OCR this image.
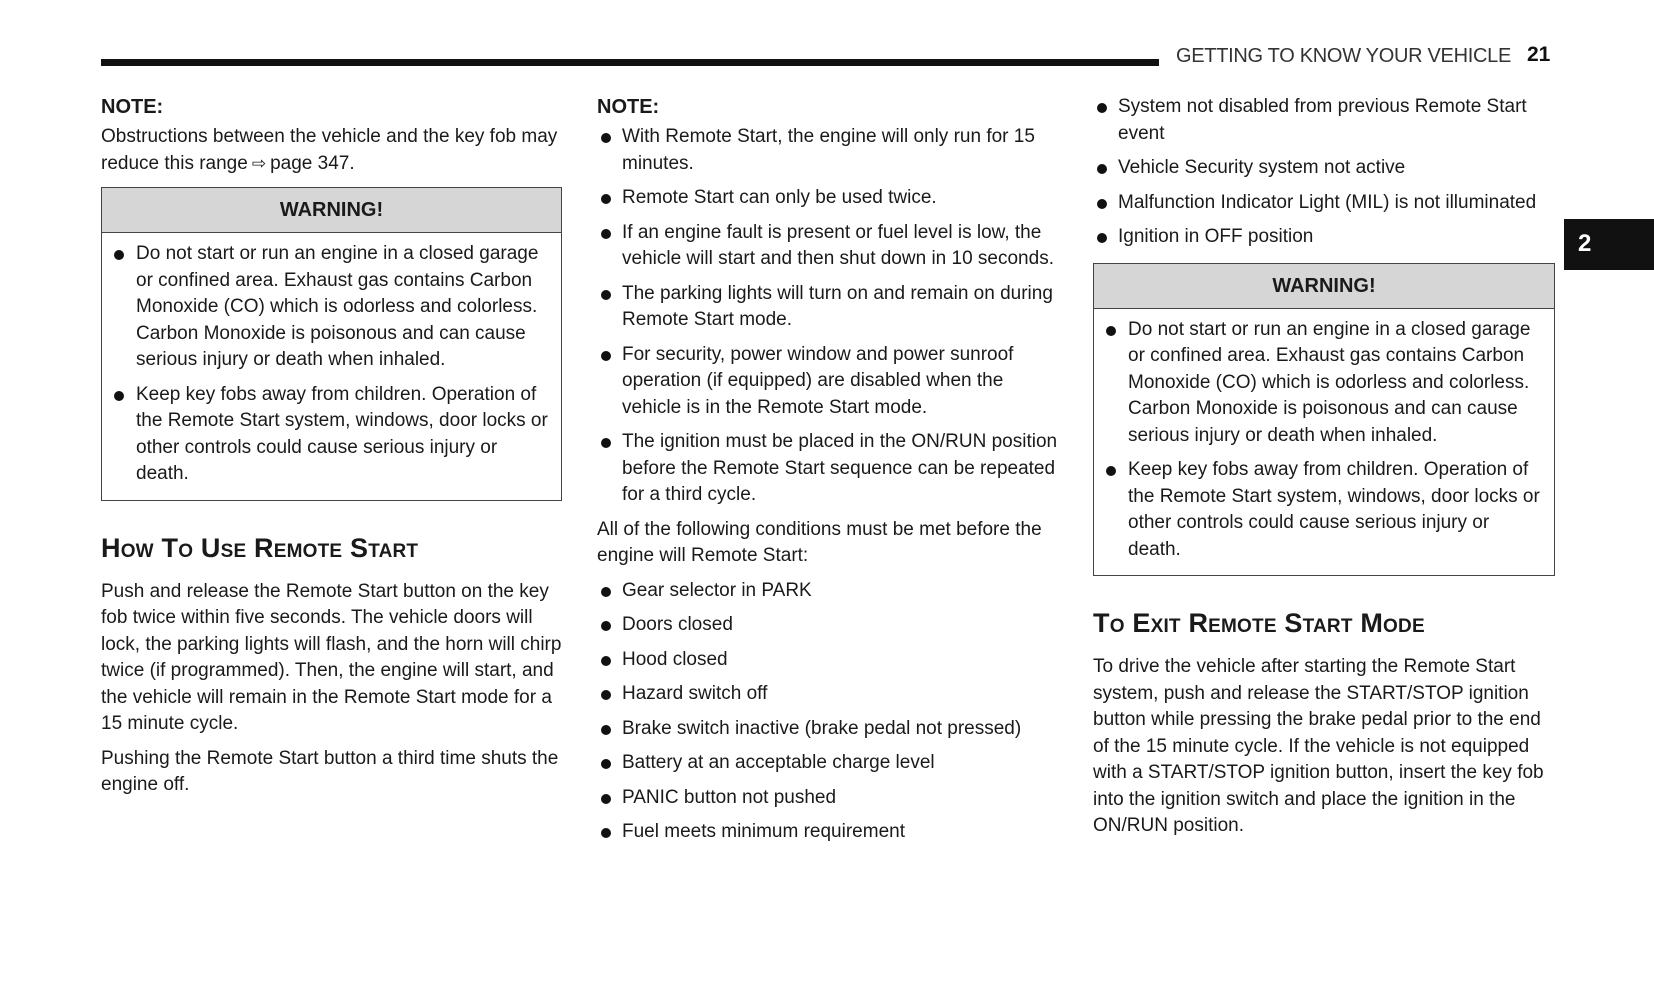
GETTING TO KNOW YOUR VEHICLE 21
2
NOTE:

Obstructions between the vehicle and the key fob may reduce this range ⇨ page 347.

WARNING!
Do not start or run an engine in a closed garage or confined area. Exhaust gas contains Carbon Monoxide (CO) which is odorless and colorless. Carbon Monoxide is poisonous and can cause serious injury or death when inhaled.
Keep key fobs away from children. Operation of the Remote Start system, windows, door locks or other controls could cause serious injury or death.
How To Use Remote Start

Push and release the Remote Start button on the key fob twice within five seconds. The vehicle doors will lock, the parking lights will flash, and the horn will chirp twice (if programmed). Then, the engine will start, and the vehicle will remain in the Remote Start mode for a 15 minute cycle.

Pushing the Remote Start button a third time shuts the engine off.

NOTE:
With Remote Start, the engine will only run for 15 minutes.
Remote Start can only be used twice.
If an engine fault is present or fuel level is low, the vehicle will start and then shut down in 10 seconds.
The parking lights will turn on and remain on during Remote Start mode.
For security, power window and power sunroof operation (if equipped) are disabled when the vehicle is in the Remote Start mode.
The ignition must be placed in the ON/RUN position before the Remote Start sequence can be repeated for a third cycle.

All of the following conditions must be met before the engine will Remote Start:

Gear selector in PARK
Doors closed
Hood closed
Hazard switch off
Brake switch inactive (brake pedal not pressed)
Battery at an acceptable charge level
PANIC button not pushed
Fuel meets minimum requirement
System not disabled from previous Remote Start event
Vehicle Security system not active
Malfunction Indicator Light (MIL) is not illuminated
Ignition in OFF position
WARNING!
Do not start or run an engine in a closed garage or confined area. Exhaust gas contains Carbon Monoxide (CO) which is odorless and colorless. Carbon Monoxide is poisonous and can cause serious injury or death when inhaled.
Keep key fobs away from children. Operation of the Remote Start system, windows, door locks or other controls could cause serious injury or death.
To Exit Remote Start Mode

To drive the vehicle after starting the Remote Start system, push and release the START/STOP ignition button while pressing the brake pedal prior to the end of the 15 minute cycle. If the vehicle is not equipped with a START/STOP ignition button, insert the key fob into the ignition switch and place the ignition in the ON/RUN position.
